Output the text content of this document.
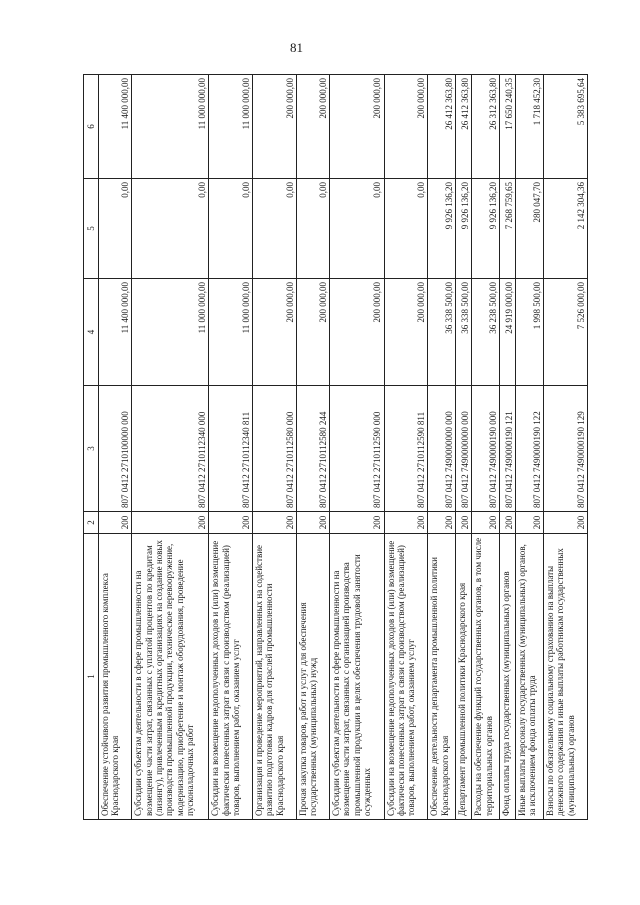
81
1	2	3	4	5	6
Обеспечение устойчивого развития промышленного комплекса Краснодарского края	200	807 0412 2710100000 000	11 400 000,00	0,00	11 400 000,00
Субсидии субъектам деятельности в сфере промышленности на возмещение части затрат, связанных с уплатой процентов по кредитам (лизингу), привлеченным в кредитных организациях на создание новых производств промышленной продукции, техническое перевооружение, модернизацию, приобретение и монтаж оборудования, проведение пусконаладочных работ	200	807 0412 2710112340 000	11 000 000,00	0,00	11 000 000,00
Субсидии на возмещение недополученных доходов и (или) возмещение фактически понесенных затрат в связи с производством (реализацией) товаров, выполнением работ, оказанием услуг	200	807 0412 2710112340 811	11 000 000,00	0,00	11 000 000,00
Организация и проведение мероприятий, направленных на содействие развитию подготовки кадров для отраслей промышленности Краснодарского края	200	807 0412 2710112580 000	200 000,00	0,00	200 000,00
Прочая закупка товаров, работ и услуг для обеспечения государственных (муниципальных) нужд	200	807 0412 2710112580 244	200 000,00	0,00	200 000,00
Субсидии субъектам деятельности в сфере промышленности на возмещение части затрат, связанных с организацией производства промышленной продукции в целях обеспечения трудовой занятости осужденных	200	807 0412 2710112590 000	200 000,00	0,00	200 000,00
Субсидии на возмещение недополученных доходов и (или) возмещение фактически понесенных затрат в связи с производством (реализацией) товаров, выполнением работ, оказанием услуг	200	807 0412 2710112590 811	200 000,00	0,00	200 000,00
Обеспечение деятельности департамента промышленной политики Краснодарского края	200	807 0412 7490000000 000	36 338 500,00	9 926 136,20	26 412 363,80
Департамент промышленной политики Краснодарского края	200	807 0412 7490000000 000	36 338 500,00	9 926 136,20	26 412 363,80
Расходы на обеспечение функций государственных органов, в том числе территориальных органов	200	807 0412 7490000190 000	36 238 500,00	9 926 136,20	26 312 363,80
Фонд оплаты труда государственных (муниципальных) органов	200	807 0412 7490000190 121	24 919 000,00	7 268 759,65	17 650 240,35
Иные выплаты персоналу государственных (муниципальных) органов, за исключением фонда оплаты труда	200	807 0412 7490000190 122	1 998 500,00	280 047,70	1 718 452,30
Взносы по обязательному социальному страхованию на выплаты денежного содержания и иные выплаты работникам государственных (муниципальных) органов	200	807 0412 7490000190 129	7 526 000,00	2 142 304,36	5 383 695,64
